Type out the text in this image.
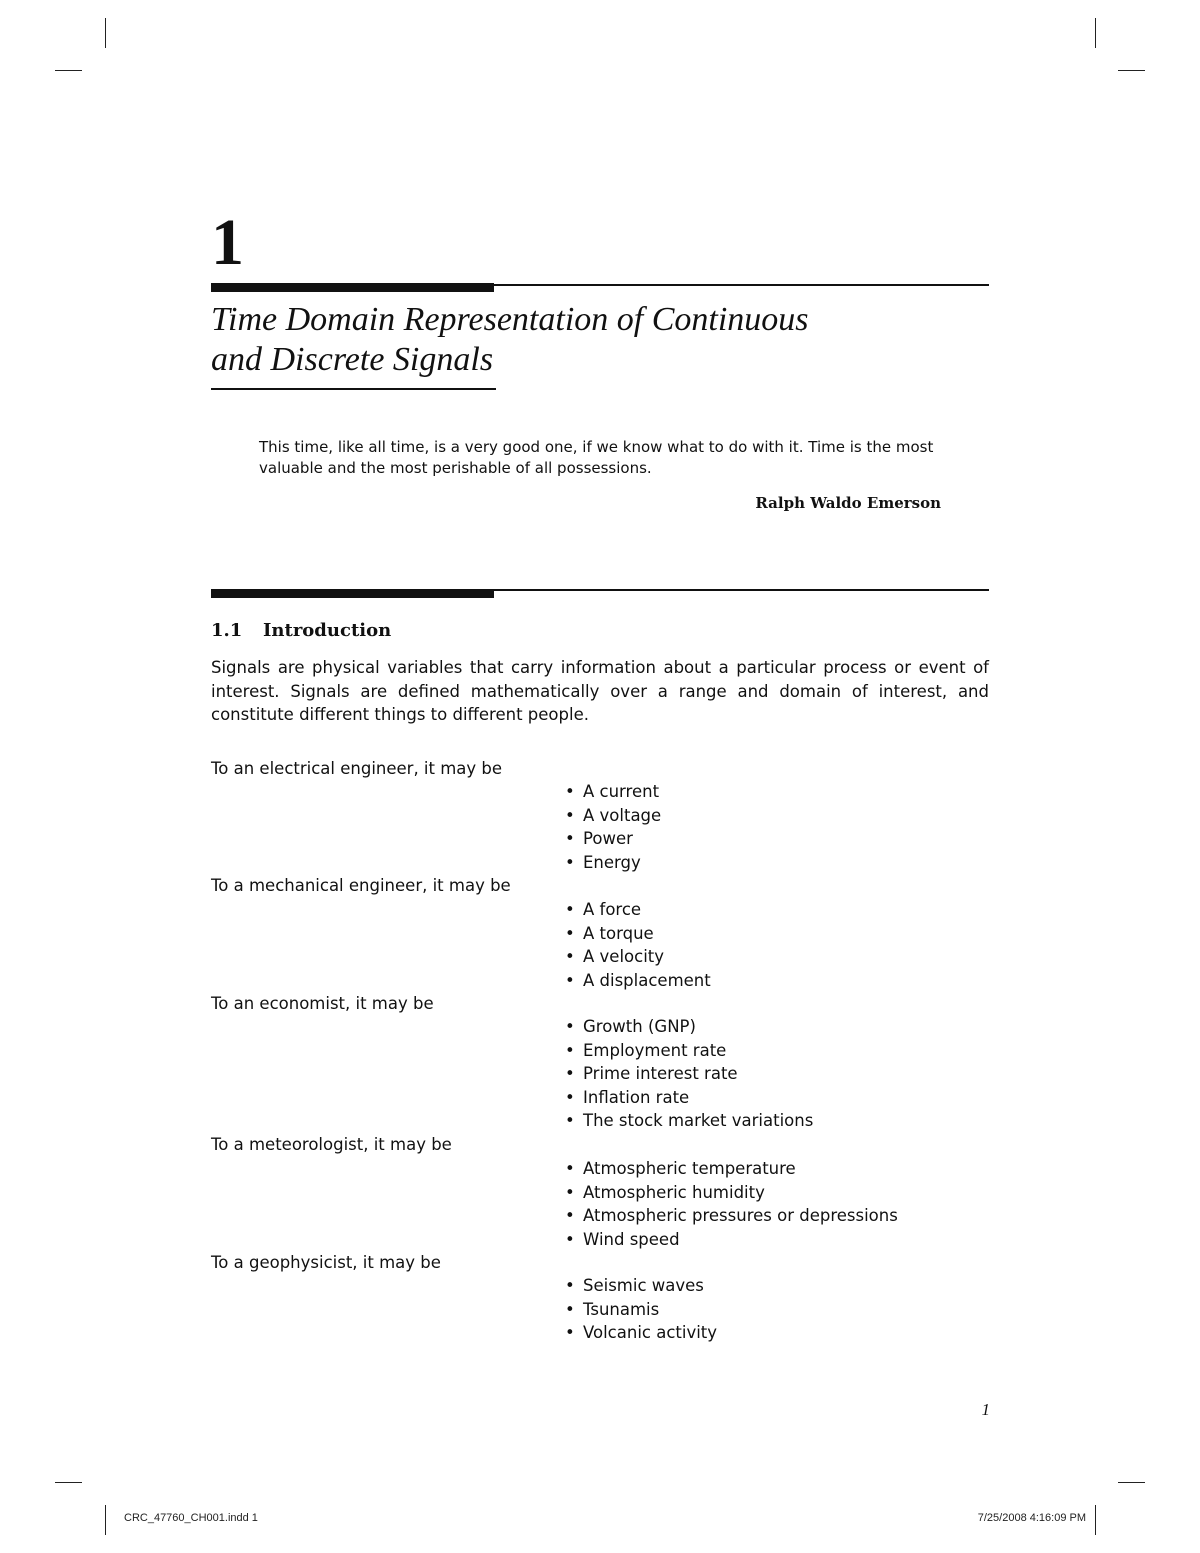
1
Time Domain Representation of Continuous
and Discrete Signals
This time, like all time, is a very good one, if we know what to do with it. Time is the most valuable and the most perishable of all possessions.
Ralph Waldo Emerson
1.1 Introduction

Signals are physical variables that carry information about a particular process or event of interest. Signals are defined mathematically over a range and domain of interest, and constitute different things to different people.

To an electrical engineer, it may be
• A current
• A voltage
• Power
• Energy
To a mechanical engineer, it may be
• A force
• A torque
• A velocity
• A displacement
To an economist, it may be
• Growth (GNP)
• Employment rate
• Prime interest rate
• Inflation rate
• The stock market variations
To a meteorologist, it may be
• Atmospheric temperature
• Atmospheric humidity
• Atmospheric pressures or depressions
• Wind speed
To a geophysicist, it may be
• Seismic waves
• Tsunamis
• Volcanic activity
1
CRC_47760_CH001.indd 1	7/25/2008 4:16:09 PM
